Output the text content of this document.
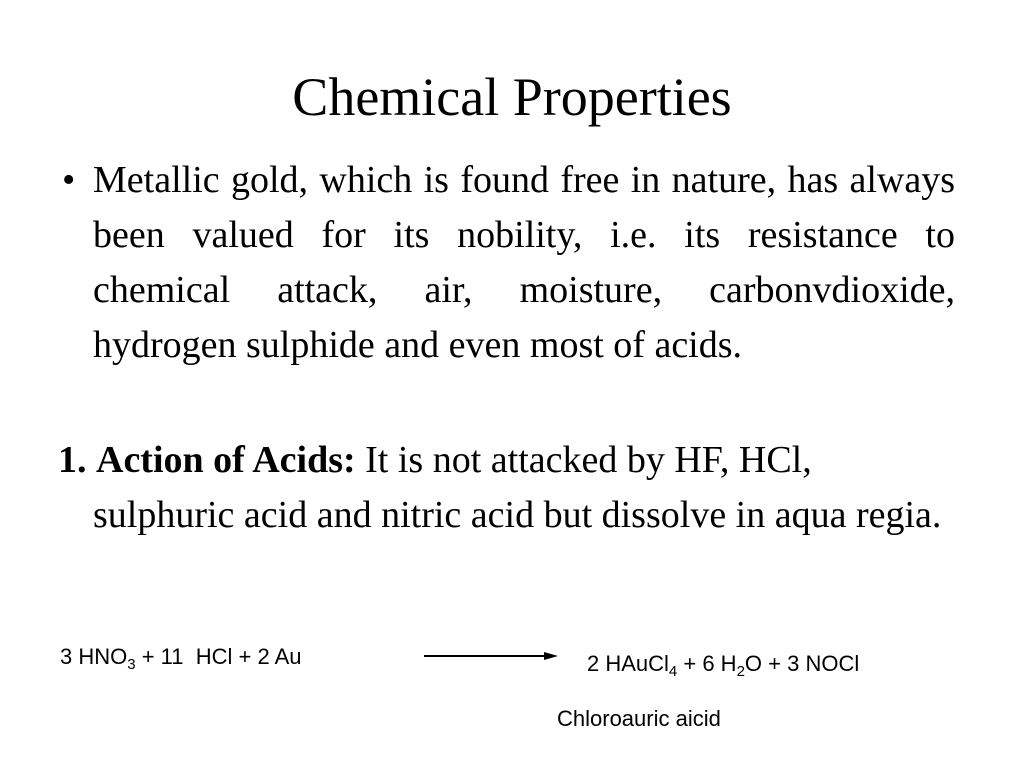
Chemical Properties
• Metallic gold, which is found free in nature, has always been valued for its nobility, i.e. its resistance to chemical attack, air, moisture, carbonvdioxide, hydrogen sulphide and even most of acids.
1. Action of Acids: It is not attacked by HF, HCl,
sulphuric acid and nitric acid but dissolve in aqua regia.
3 $HNO_3 + 11$  HCl + 2 Au	2 HAuCl$_4$ + 6 $H_2O + 3$ NOCl
Chloroauric aicid
